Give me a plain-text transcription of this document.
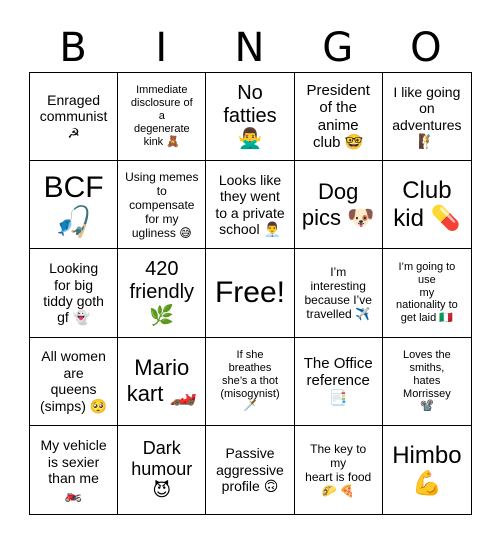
B	I	N	G	O
Enraged
communist
☭
Immediate
disclosure of
a
degenerate
kink 🧸
No
fatties
🙅‍♂️
President
of the
anime
club 🤓
I like going
on
adventures
🧗
BCF
🎣
Using memes
to
compensate
for my
ugliness 😅
Looks like
they went
to a private
school 👨‍💼
Dog
pics 🐶
Club
kid 💊
Looking
for big
tiddy goth
gf 👻
420
friendly
🌿
Free!
I’m
interesting
because I’ve
travelled ✈️
I’m going to
use
my
nationality to
get laid 🇮🇹
All women
are
queens
(simps) 🥺
Mario
kart 🏎️
If she
breathes
she’s a thot
(misogynist)
🗡️
The Office
reference
📑
Loves the
smiths,
hates
Morrissey
📽️
My vehicle
is sexier
than me
🏍️
Dark
humour
😈
Passive
aggressive
profile 🙃
The key to
my
heart is food
🌮 🍕
Himbo
💪
